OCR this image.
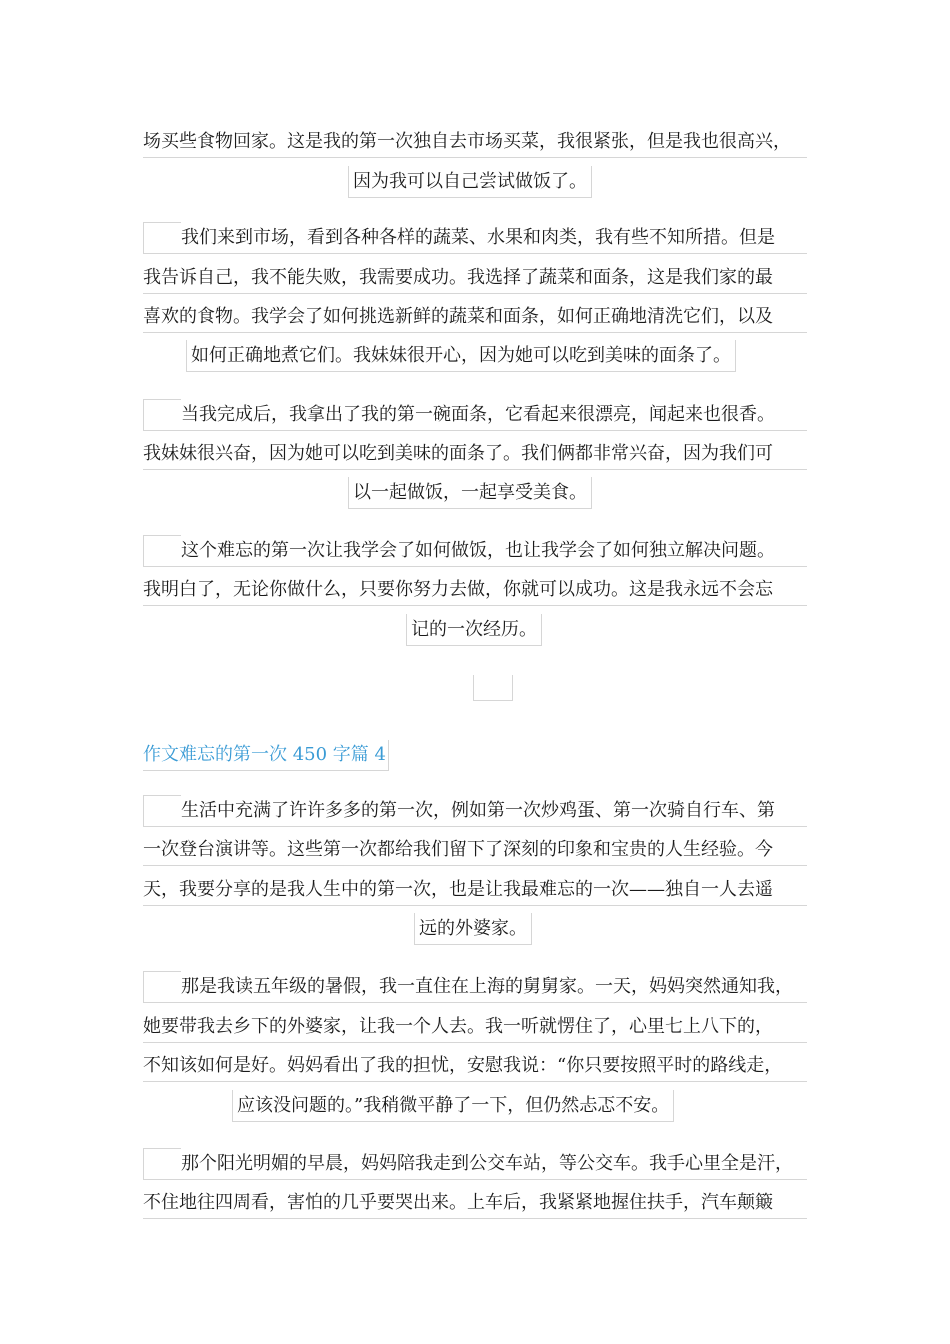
场买些食物回家。这是我的第一次独自去市场买菜，我很紧张，但是我也很高兴，
因为我可以自己尝试做饭了。
我们来到市场，看到各种各样的蔬菜、水果和肉类，我有些不知所措。但是
我告诉自己，我不能失败，我需要成功。我选择了蔬菜和面条，这是我们家的最
喜欢的食物。我学会了如何挑选新鲜的蔬菜和面条，如何正确地清洗它们，以及
如何正确地煮它们。我妹妹很开心，因为她可以吃到美味的面条了。
当我完成后，我拿出了我的第一碗面条，它看起来很漂亮，闻起来也很香。
我妹妹很兴奋，因为她可以吃到美味的面条了。我们俩都非常兴奋，因为我们可
以一起做饭，一起享受美食。
这个难忘的第一次让我学会了如何做饭，也让我学会了如何独立解决问题。
我明白了，无论你做什么，只要你努力去做，你就可以成功。这是我永远不会忘
记的一次经历。
作文难忘的第一次 450 字篇 4
生活中充满了许许多多的第一次，例如第一次炒鸡蛋、第一次骑自行车、第
一次登台演讲等。这些第一次都给我们留下了深刻的印象和宝贵的人生经验。今
天，我要分享的是我人生中的第一次，也是让我最难忘的一次——独自一人去遥
远的外婆家。
那是我读五年级的暑假，我一直住在上海的舅舅家。一天，妈妈突然通知我，
她要带我去乡下的外婆家，让我一个人去。我一听就愣住了，心里七上八下的，
不知该如何是好。妈妈看出了我的担忧，安慰我说：“你只要按照平时的路线走，
应该没问题的。”我稍微平静了一下，但仍然忐忑不安。
那个阳光明媚的早晨，妈妈陪我走到公交车站，等公交车。我手心里全是汗，
不住地往四周看，害怕的几乎要哭出来。上车后，我紧紧地握住扶手，汽车颠簸
